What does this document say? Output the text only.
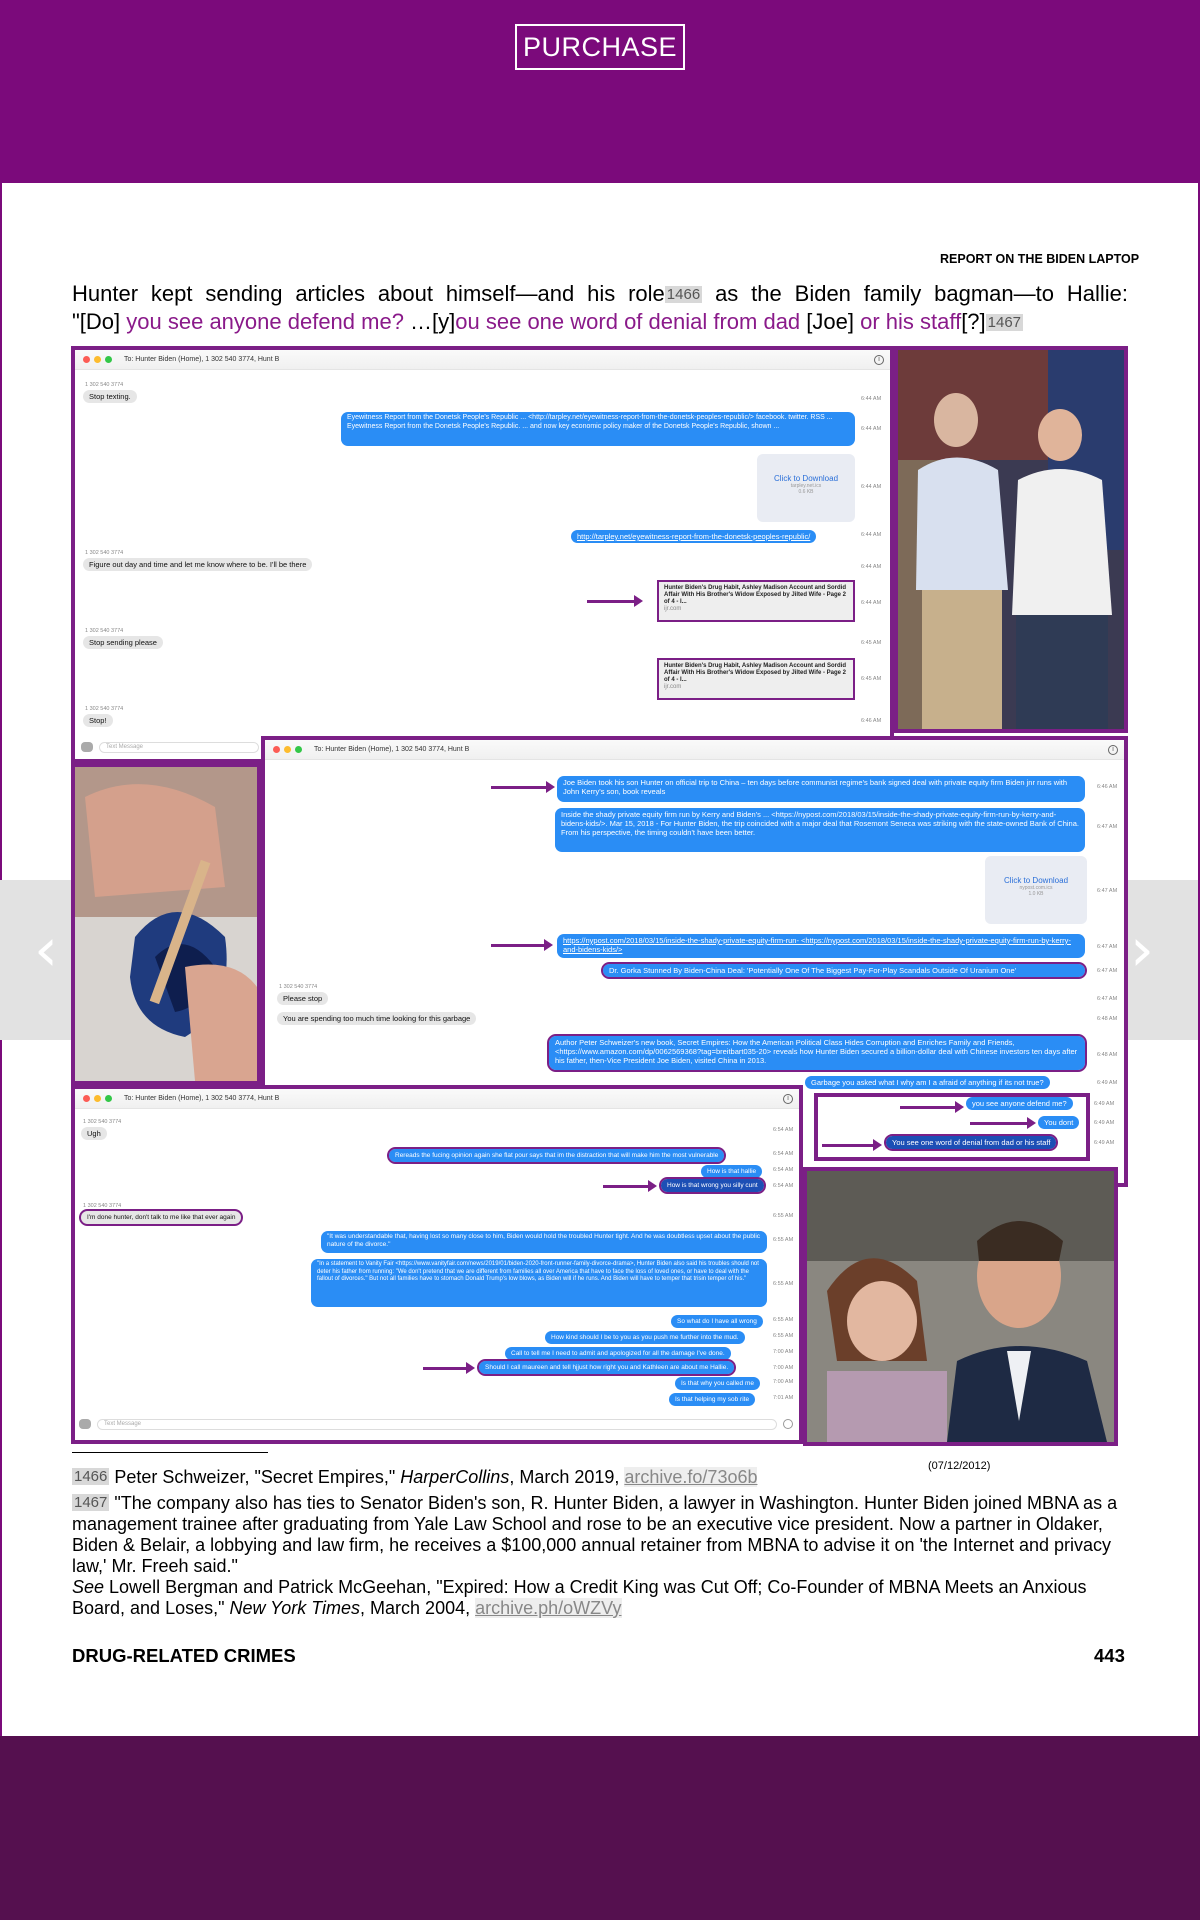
PURCHASE
REPORT ON THE BIDEN LAPTOP
Hunter kept sending articles about himself—and his role 1466 as the Biden family bagman—to Hallie:
"[Do] you see anyone defend me? …[y]ou see one word of denial from dad [Joe] or his staff[?] 1467
To: Hunter Biden (Home), 1 302 540 3774, Hunt B	i
1 302 540 3774
Stop texting.	6:44 AM
Eyewitness Report from the Donetsk People's Republic ... <http://tarpley.net/eyewitness-report-from-the-donetsk-peoples-republic/> facebook. twitter. RSS ... Eyewitness Report from the Donetsk People's Republic. ... and now key economic policy maker of the Donetsk People's Republic, shown ...	6:44 AM
Click to Download
tarpley.net.ics
0.6 KB
6:44 AM
http://tarpley.net/eyewitness-report-from-the-donetsk-peoples-republic/	6:44 AM
1 302 540 3774
Figure out day and time and let me know where to be. I'll be there	6:44 AM
Hunter Biden's Drug Habit, Ashley Madison Account and Sordid Affair With His Brother's Widow Exposed by Jilted Wife - Page 2 of 4 - I...
ijr.com
6:44 AM
1 302 540 3774
Stop sending please	6:45 AM
Hunter Biden's Drug Habit, Ashley Madison Account and Sordid Affair With His Brother's Widow Exposed by Jilted Wife - Page 2 of 4 - I...
ijr.com
6:45 AM
1 302 540 3774
Stop!	6:46 AM
Text Message	To: Hunter Biden (Home), 1 302 540 3774, Hunt B	i
Joe Biden took his son Hunter on official trip to China – ten days before communist regime's bank signed deal with private equity firm Biden jnr runs with John Kerry's son, book reveals	6:46 AM
Inside the shady private equity firm run by Kerry and Biden's ... <https://nypost.com/2018/03/15/inside-the-shady-private-equity-firm-run-by-kerry-and-bidens-kids/>. Mar 15, 2018 - For Hunter Biden, the trip coincided with a major deal that Rosemont Seneca was striking with the state-owned Bank of China. From his perspective, the timing couldn't have been better.
6:47 AM
Click to Download
nypost.com.ics
1.0 KB	6:47 AM
https://nypost.com/2018/03/15/inside-the-shady-private-equity-firm-run- <https://nypost.com/2018/03/15/inside-the-shady-private-equity-firm-run-by-kerry-and-bidens-kids/>	6:47 AM
Dr. Gorka Stunned By Biden-China Deal: 'Potentially One Of The Biggest Pay-For-Play Scandals Outside Of Uranium One'	6:47 AM
1 302 540 3774
Please stop	6:47 AM
You are spending too much time looking for this garbage	6:48 AM
Author Peter Schweizer's new book, Secret Empires: How the American Political Class Hides Corruption and Enriches Family and Friends, <https://www.amazon.com/dp/0062569368?tag=breitbart035-20> reveals how Hunter Biden secured a billion-dollar deal with Chinese investors ten days after his father, then-Vice President Joe Biden, visited China in 2013.
6:48 AM
Garbage you asked what I why am I a afraid of anything if its not true?	6:49 AM
you see anyone defend me?	6:49 AM
You dont	6:49 AM
You see one word of denial from dad or his staff	6:49 AM
To: Hunter Biden (Home), 1 302 540 3774, Hunt B	i
1 302 540 3774
Ugh	6:54 AM
Rereads the fucing opinion again she flat pour says that im the distraction that will make him the most vulnerable	6:54 AM
How is that hallie	6:54 AM
How is that wrong you silly cunt	6:54 AM
1 302 540 3774
I'm done hunter, don't talk to me like that ever again	6:55 AM
"It was understandable that, having lost so many close to him, Biden would hold the troubled Hunter tight. And he was doubtless upset about the public nature of the divorce."
6:55 AM
"In a statement to Vanity Fair <https://www.vanityfair.com/news/2019/01/biden-2020-front-runner-family-divorce-drama>, Hunter Biden also said his troubles should not deter his father from running: "We don't pretend that we are different from families all over America that have to face the loss of loved ones, or have to deal with the fallout of divorces." But not all families have to stomach Donald Trump's low blows, as Biden will if he runs. And Biden will have to temper that trisin temper of his."
6:55 AM
So what do I have all wrong	6:55 AM
How kind should I be to you as you push me further into the mud.	6:55 AM
Call to tell me I need to admit and apologized for all the damage I've done.	7:00 AM
Should I call maureen and tell hjjust how right you and Kathleen are about me Hallie.	7:00 AM
Is that why you called me	7:00 AM
Is that helping my sob rite	7:01 AM
Text Message
‹	›
(07/12/2012)
1466 Peter Schweizer, "Secret Empires," HarperCollins, March 2019, archive.fo/73o6b
1467 "The company also has ties to Senator Biden's son, R. Hunter Biden, a lawyer in Washington. Hunter Biden joined MBNA as a management trainee after graduating from Yale Law School and rose to be an executive vice president. Now a partner in Oldaker, Biden & Belair, a lobbying and law firm, he receives a $100,000 annual retainer from MBNA to advise it on 'the Internet and privacy law,' Mr. Freeh said."
See Lowell Bergman and Patrick McGeehan, "Expired: How a Credit King was Cut Off; Co-Founder of MBNA Meets an Anxious Board, and Loses," New York Times, March 2004, archive.ph/oWZVy
DRUG-RELATED CRIMES	443
